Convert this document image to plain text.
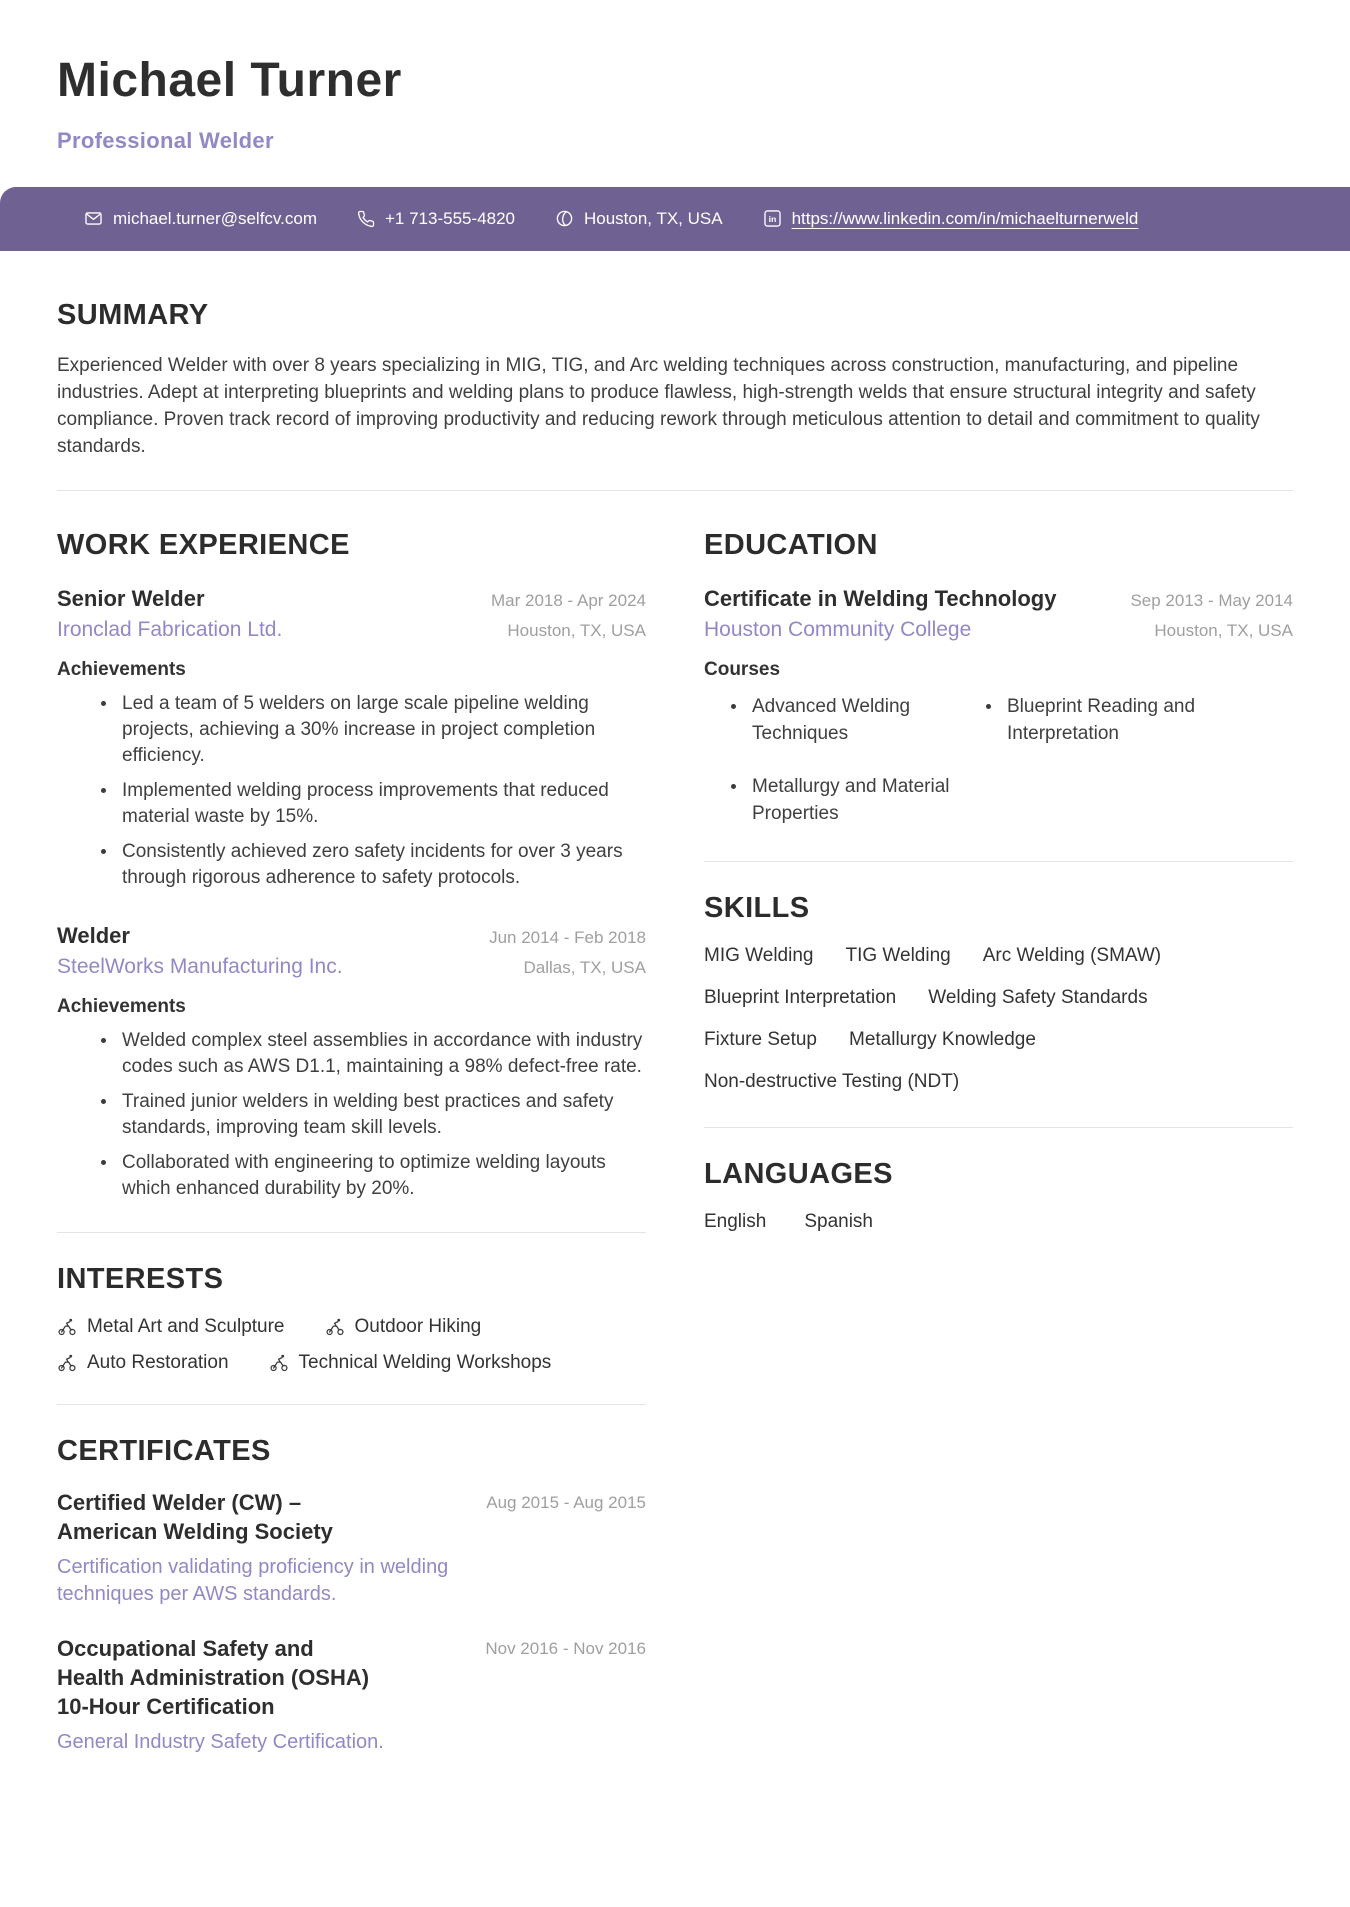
Michael Turner
Professional Welder
michael.turner@selfcv.com	+1 713-555-4820	Houston, TX, USA	in https://www.linkedin.com/in/michaelturnerweld
SUMMARY

Experienced Welder with over 8 years specializing in MIG, TIG, and Arc welding techniques across construction, manufacturing, and pipeline industries. Adept at interpreting blueprints and welding plans to produce flawless, high-strength welds that ensure structural integrity and safety compliance. Proven track record of improving productivity and reducing rework through meticulous attention to detail and commitment to quality standards.

WORK EXPERIENCE
Senior Welder	Mar 2018 - Apr 2024
Ironclad Fabrication Ltd.	Houston, TX, USA
Achievements
Led a team of 5 welders on large scale pipeline welding projects, achieving a 30% increase in project completion efficiency.
Implemented welding process improvements that reduced material waste by 15%.
Consistently achieved zero safety incidents for over 3 years through rigorous adherence to safety protocols.
Welder	Jun 2014 - Feb 2018
SteelWorks Manufacturing Inc.	Dallas, TX, USA
Achievements
Welded complex steel assemblies in accordance with industry codes such as AWS D1.1, maintaining a 98% defect-free rate.
Trained junior welders in welding best practices and safety standards, improving team skill levels.
Collaborated with engineering to optimize welding layouts which enhanced durability by 20%.
INTERESTS
Metal Art and Sculpture	Outdoor Hiking
Auto Restoration	Technical Welding Workshops
CERTIFICATES
Certified Welder (CW) – American Welding Society
Aug 2015 - Aug 2015
Certification validating proficiency in welding techniques per AWS standards.
Occupational Safety and Health Administration (OSHA) 10-Hour Certification
Nov 2016 - Nov 2016
General Industry Safety Certification.
EDUCATION
Certificate in Welding Technology	Sep 2013 - May 2014
Houston Community College	Houston, TX, USA
Courses
Advanced Welding Techniques
Blueprint Reading and Interpretation
Metallurgy and Material Properties
SKILLS
MIG Welding TIG Welding Arc Welding (SMAW)
Blueprint Interpretation Welding Safety Standards
Fixture Setup Metallurgy Knowledge
Non-destructive Testing (NDT)
LANGUAGES
English Spanish
